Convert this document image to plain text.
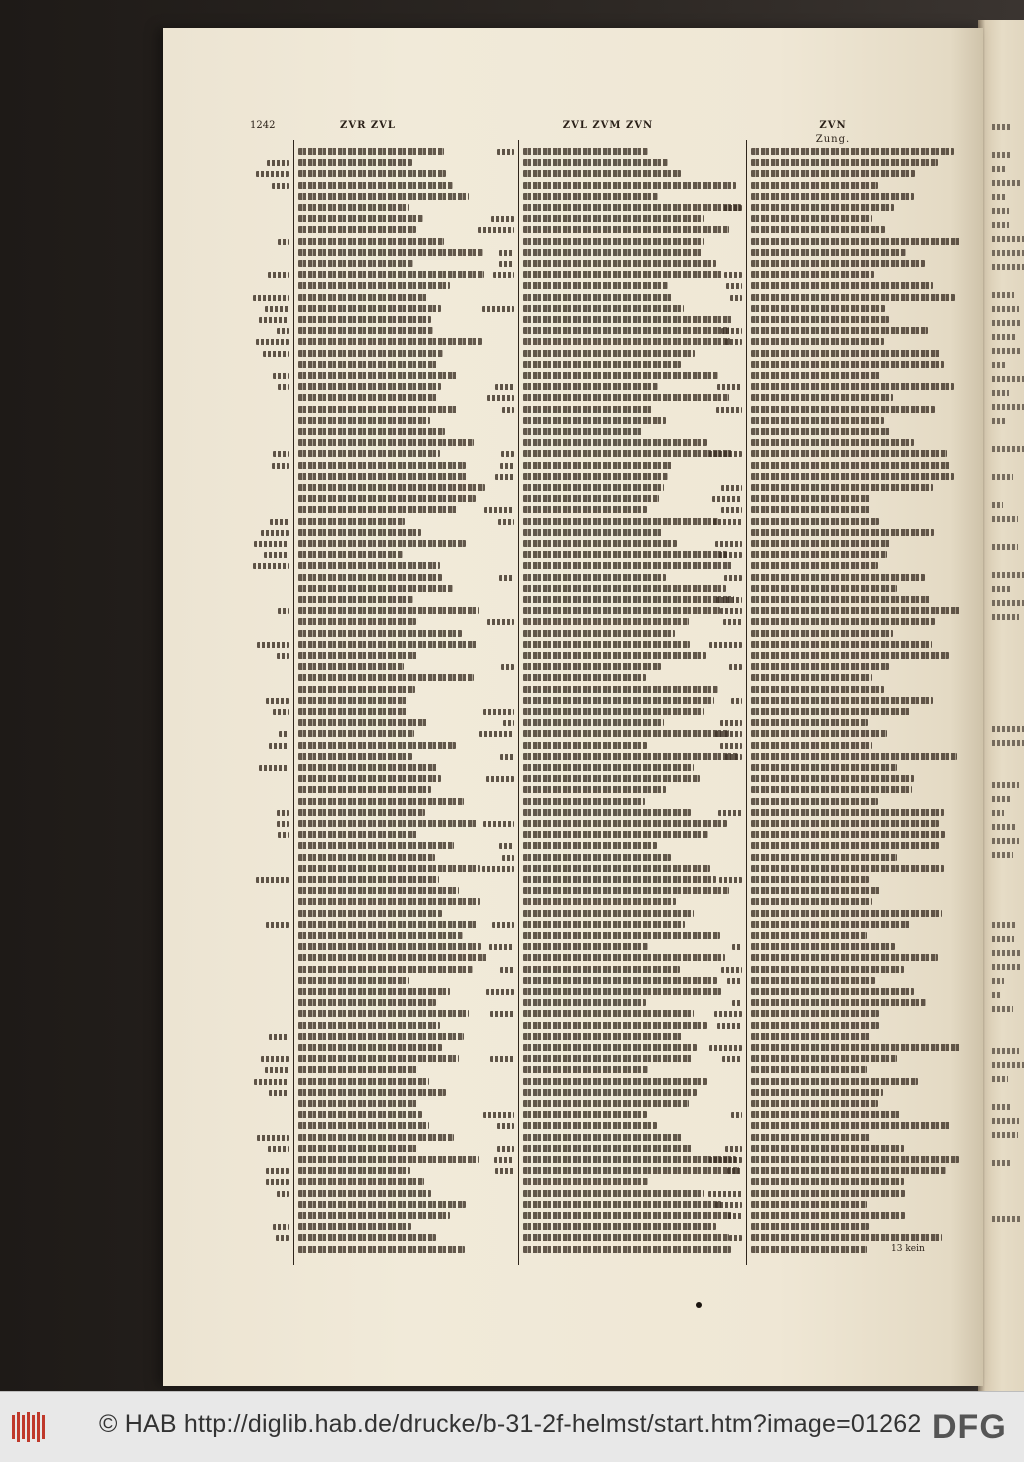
1242	ZVR ZVL	ZVL ZVM ZVN	ZVN
Zung.
13 kein
© HAB http://diglib.hab.de/drucke/b-31-2f-helmst/start.htm?image=01262 DFG
